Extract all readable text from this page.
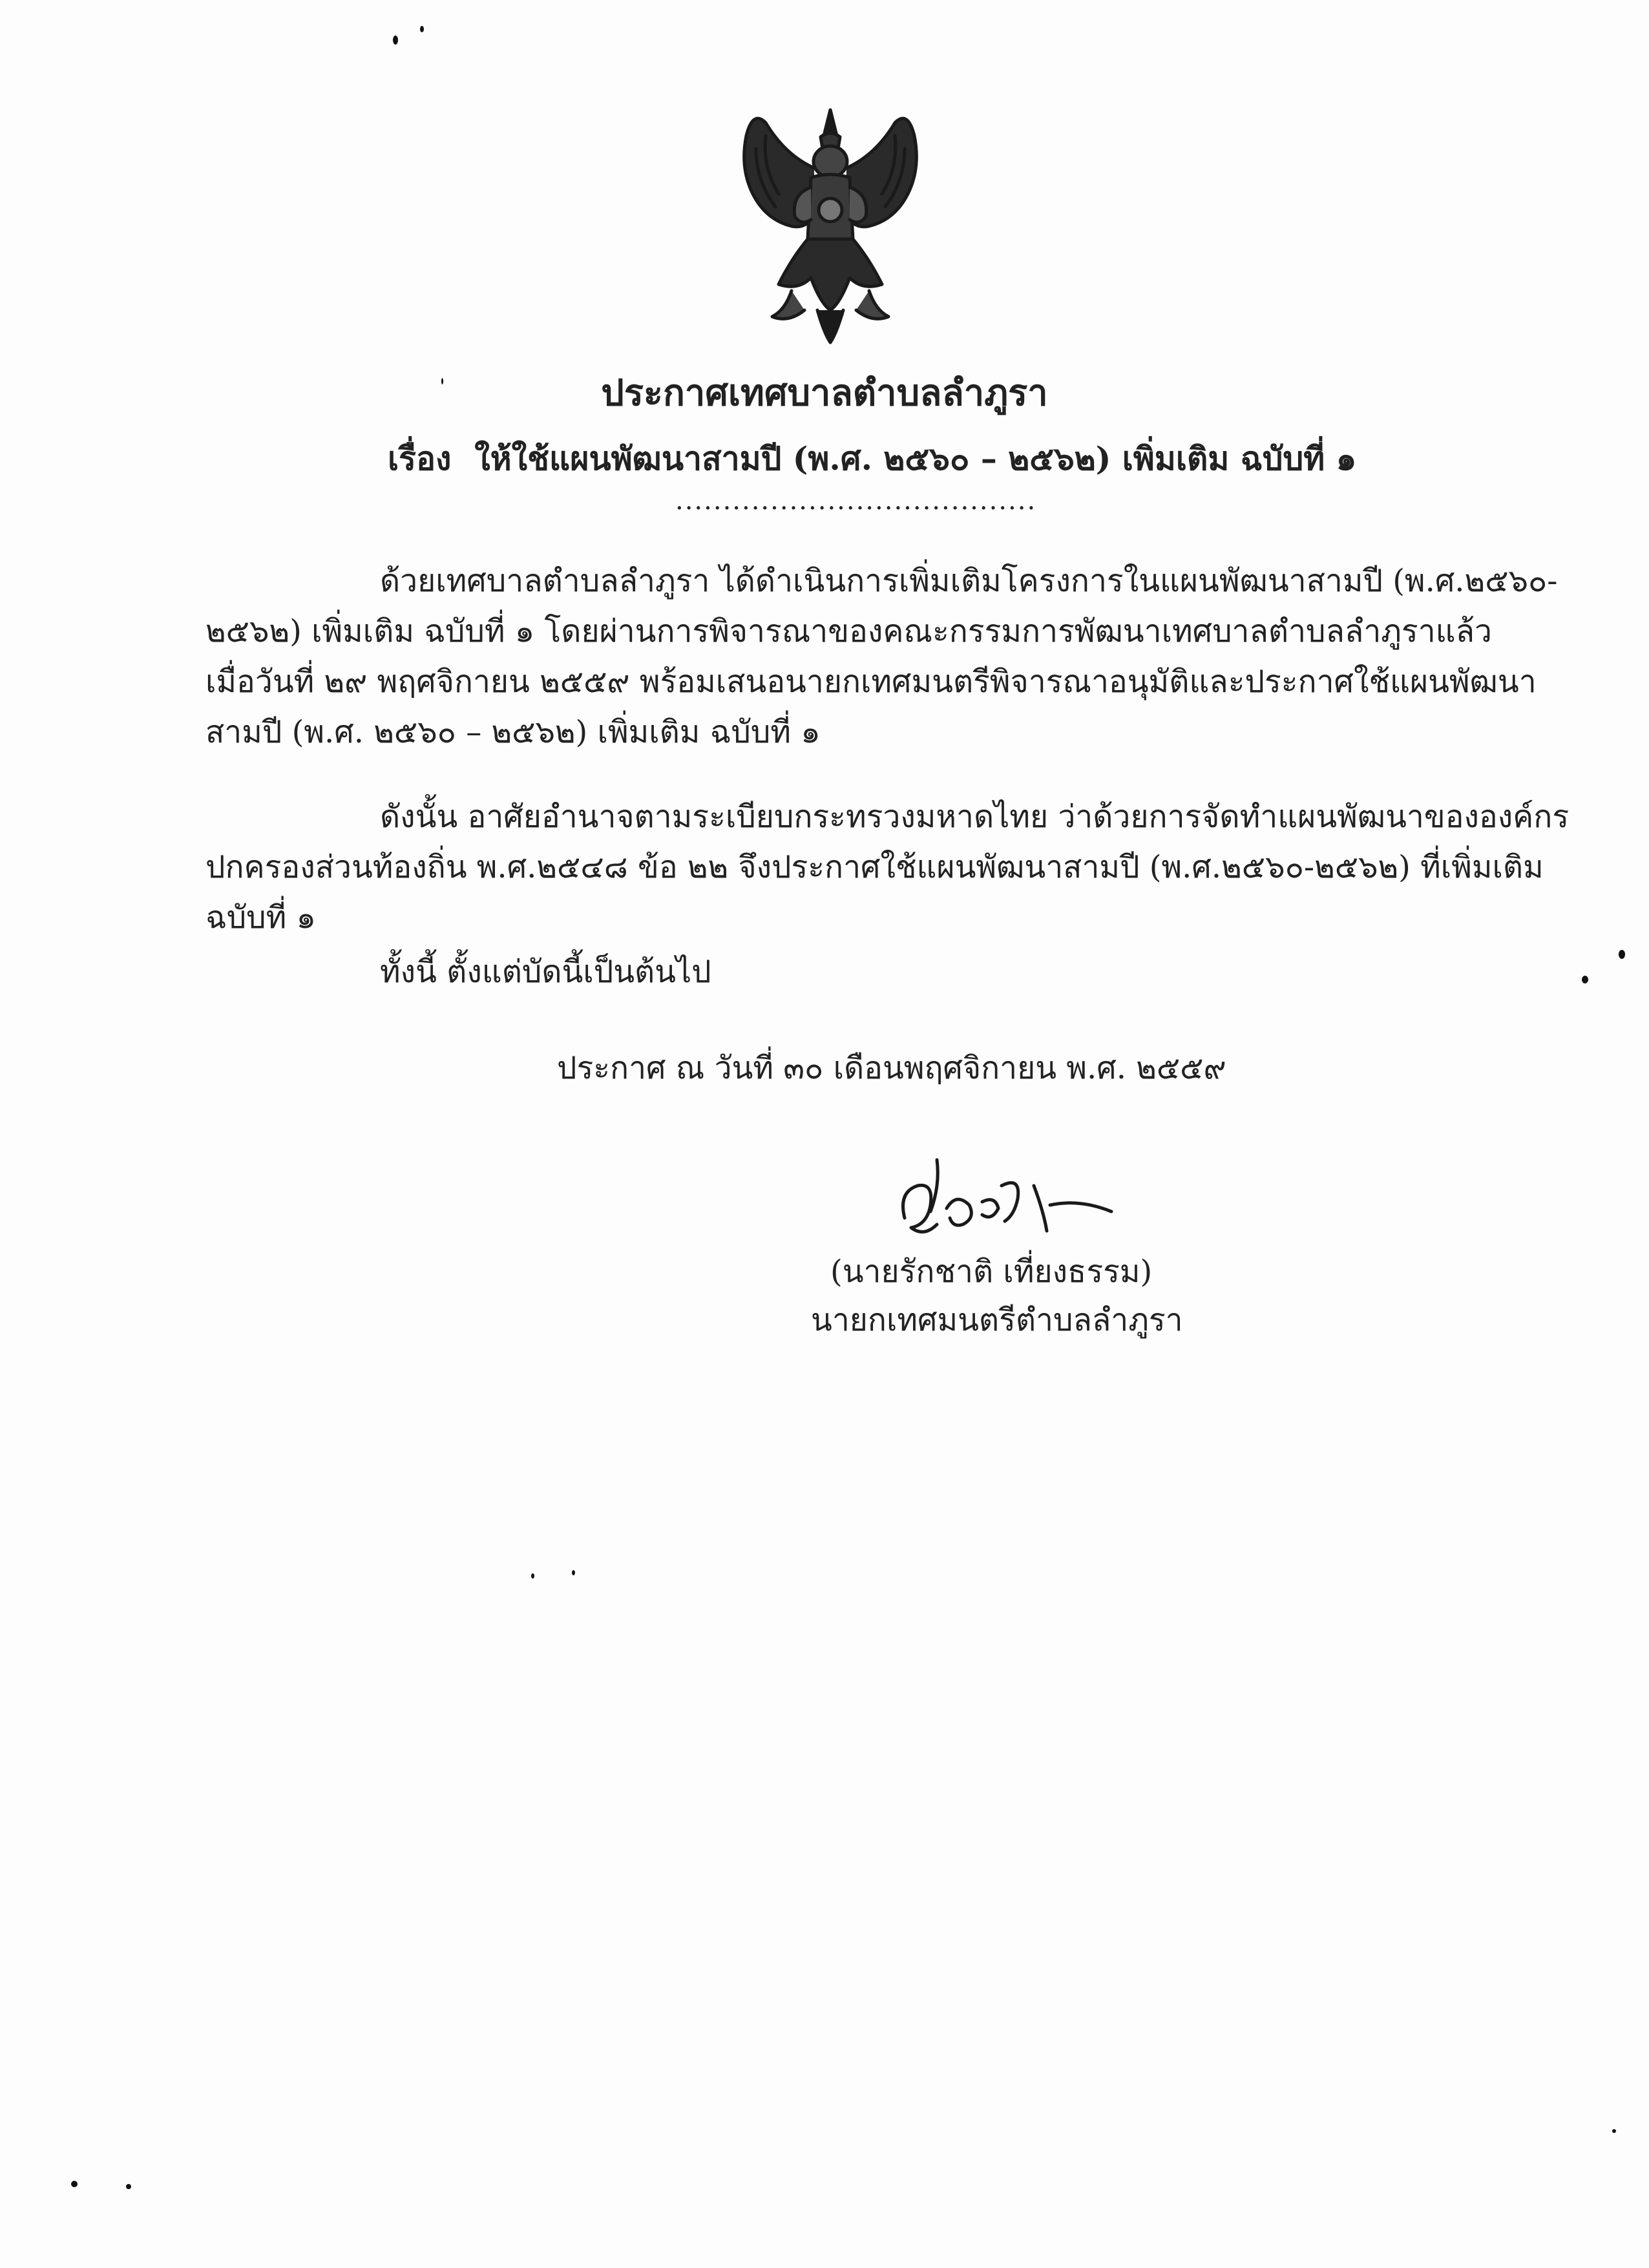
ประกาศเทศบาลตำบลลำภูรา
เรื่อง ให้ใช้แผนพัฒนาสามปี (พ.ศ. ๒๕๖๐ – ๒๕๖๒) เพิ่มเติม ฉบับที่ ๑
......................................
ด้วยเทศบาลตำบลลำภูรา ได้ดำเนินการเพิ่มเติมโครงการในแผนพัฒนาสามปี (พ.ศ.๒๕๖๐-
๒๕๖๒) เพิ่มเติม ฉบับที่ ๑ โดยผ่านการพิจารณาของคณะกรรมการพัฒนาเทศบาลตำบลลำภูราแล้ว
เมื่อวันที่ ๒๙ พฤศจิกายน ๒๕๕๙ พร้อมเสนอนายกเทศมนตรีพิจารณาอนุมัติและประกาศใช้แผนพัฒนา
สามปี (พ.ศ. ๒๕๖๐ – ๒๕๖๒) เพิ่มเติม ฉบับที่ ๑
ดังนั้น อาศัยอำนาจตามระเบียบกระทรวงมหาดไทย ว่าด้วยการจัดทำแผนพัฒนาขององค์กร
ปกครองส่วนท้องถิ่น พ.ศ.๒๕๔๘ ข้อ ๒๒ จึงประกาศใช้แผนพัฒนาสามปี (พ.ศ.๒๕๖๐-๒๕๖๒) ที่เพิ่มเติม
ฉบับที่ ๑
ทั้งนี้ ตั้งแต่บัดนี้เป็นต้นไป
ประกาศ ณ วันที่ ๓๐ เดือนพฤศจิกายน พ.ศ. ๒๕๕๙
(นายรักชาติ เที่ยงธรรม)
นายกเทศมนตรีตำบลลำภูรา
